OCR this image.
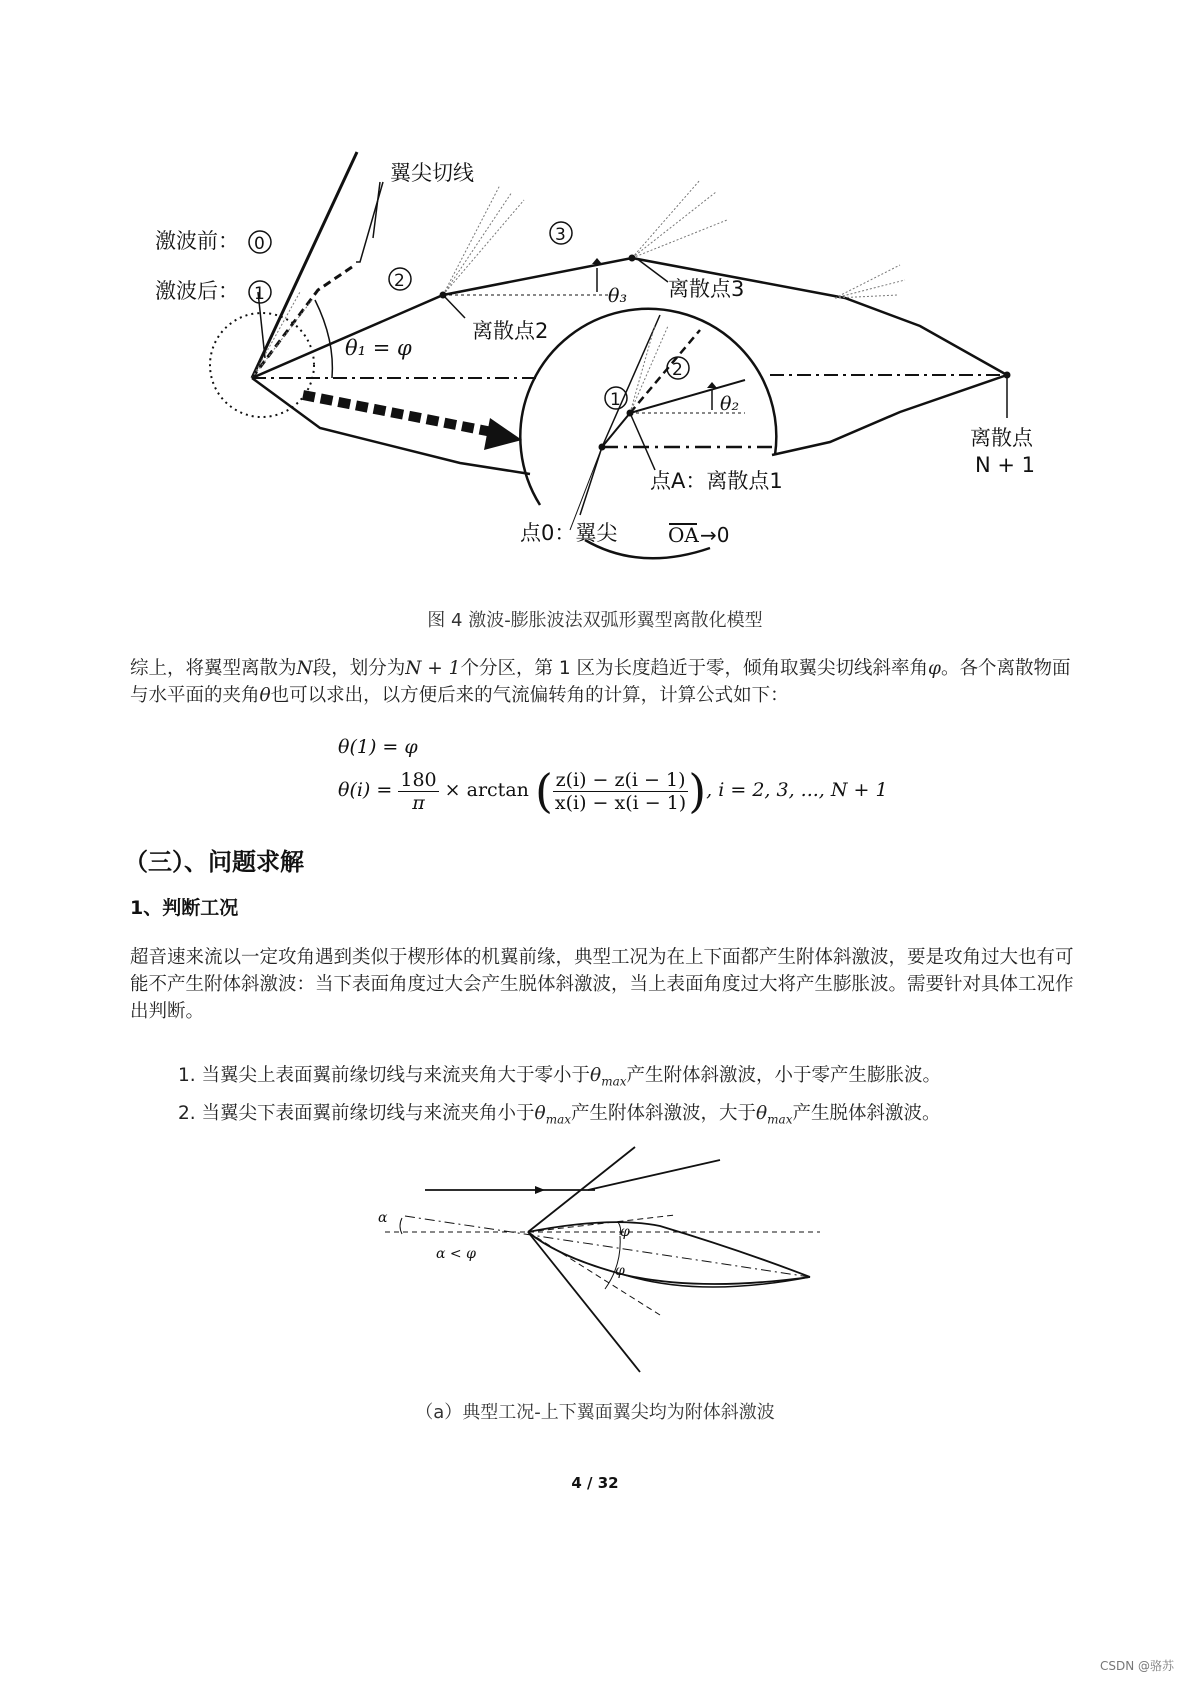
0
1
2
3
1
2
翼尖切线
激波前：
激波后：
θ₁ = φ
θ₃
θ₂
离散点2
离散点3
离散点
N + 1
点A：离散点1
点0：翼尖	OA →0
图 4 激波-膨胀波法双弧形翼型离散化模型
综上，将翼型离散为N段，划分为N + 1个分区，第 1 区为长度趋近于零，倾角取翼尖切线斜率角φ。各个离散物面与水平面的夹角θ也可以求出，以方便后来的气流偏转角的计算，计算公式如下：
θ(1) = φ
$\theta(i) = \frac{180}{\pi} \times \arctan$ ( $\frac{z(i) - z(i - 1)}{x(i) - x(i - 1)}$ ), i = 2, 3, ..., N + 1
（三）、问题求解
1、判断工况
超音速来流以一定攻角遇到类似于楔形体的机翼前缘，典型工况为在上下面都产生附体斜激波，要是攻角过大也有可能不产生附体斜激波：当下表面角度过大会产生脱体斜激波，当上表面角度过大将产生膨胀波。需要针对具体工况作出判断。
1. 当翼尖上表面翼前缘切线与来流夹角大于零小于$\theta_{max}$产生附体斜激波，小于零产生膨胀波。
2. 当翼尖下表面翼前缘切线与来流夹角小于$\theta_{max}$产生附体斜激波，大于$\theta_{max}$产生脱体斜激波。
α
α < φ
φ
φ
（a）典型工况-上下翼面翼尖均为附体斜激波
4 / 32
CSDN @骆苏
